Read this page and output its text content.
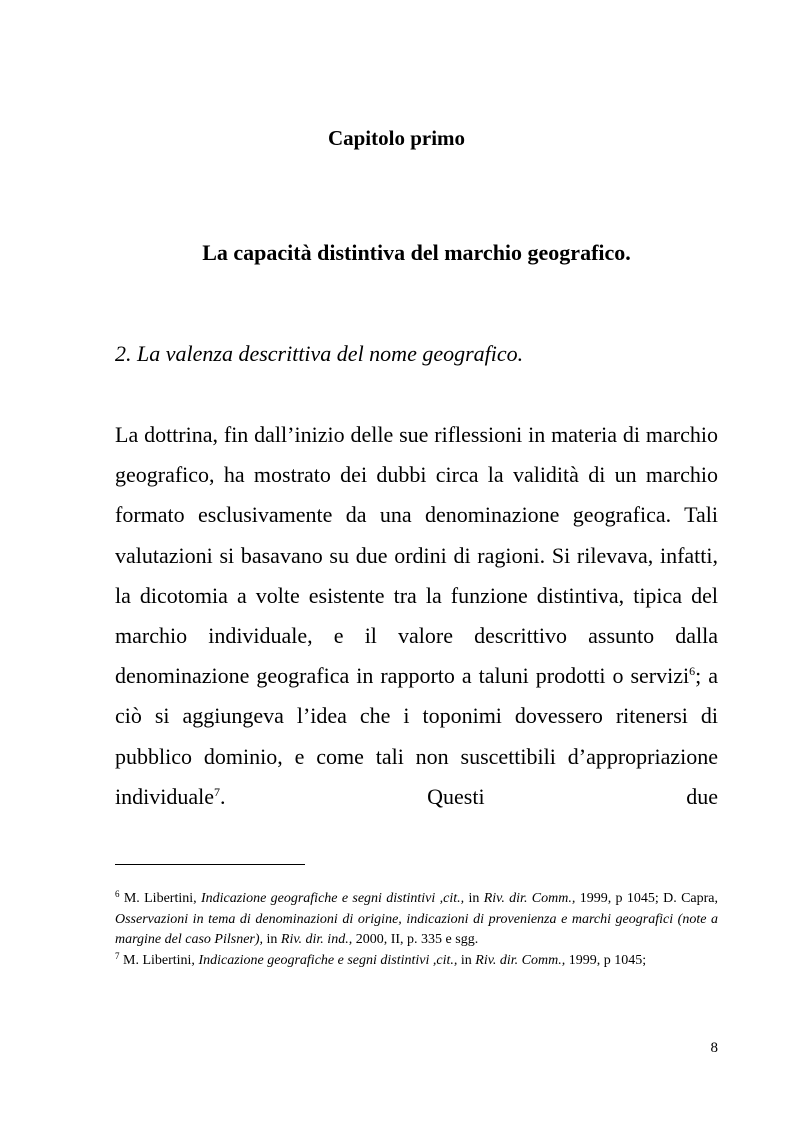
Capitolo primo
La capacità distintiva del marchio geografico.
2. La valenza descrittiva del nome geografico.

La dottrina, fin dall’inizio delle sue riflessioni in materia di marchio geografico, ha mostrato dei dubbi circa la validità di un marchio formato esclusivamente da una denominazione geografica. Tali valutazioni si basavano su due ordini di ragioni. Si rilevava, infatti, la dicotomia a volte esistente tra la funzione distintiva, tipica del marchio individuale, e il valore descrittivo assunto dalla denominazione geografica in rapporto a taluni prodotti o servizi$^6$; a ciò si aggiungeva l’idea che i toponimi dovessero ritenersi di pubblico dominio, e come tali non suscettibili d’appropriazione individuale$^7$. Questi due

$^6$ M. Libertini, Indicazione geografiche e segni distintivi ,cit., in Riv. dir. Comm., 1999, p 1045; D. Capra, Osservazioni in tema di denominazioni di origine, indicazioni di provenienza e marchi geografici (note a margine del caso Pilsner), in Riv. dir. ind., 2000, II, p. 335 e sgg.

$^7$ M. Libertini, Indicazione geografiche e segni distintivi ,cit., in Riv. dir. Comm., 1999, p 1045;

8
